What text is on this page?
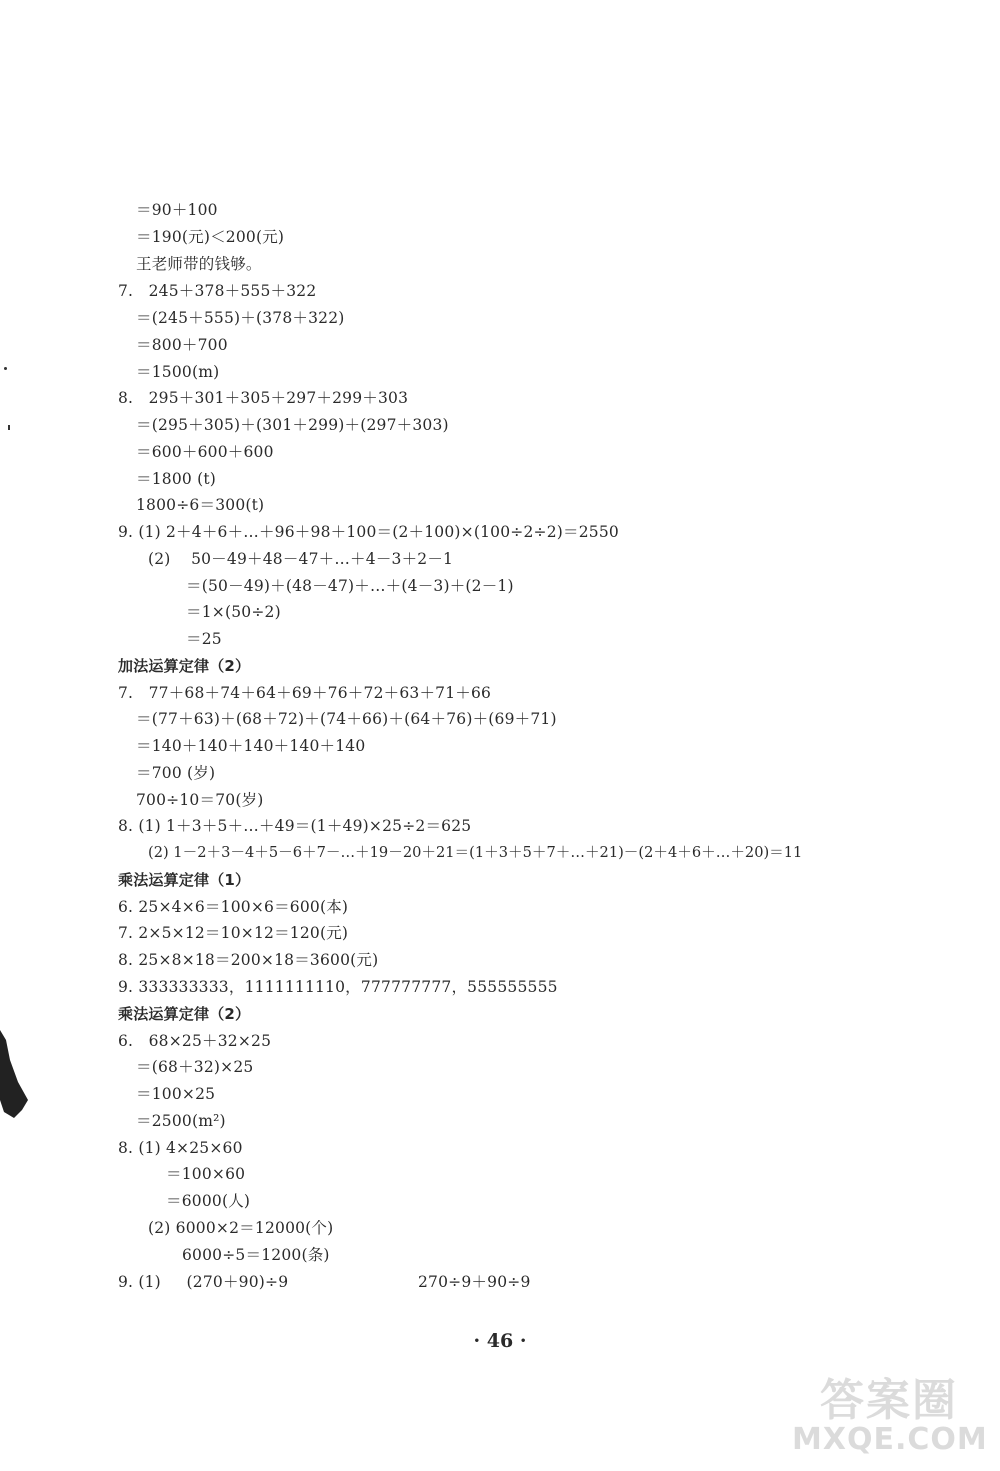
＝90＋100
＝190(元)＜200(元)
王老师带的钱够。
7.   245＋378＋555＋322
＝(245＋555)＋(378＋322)
＝800＋700
＝1500(m)
8.   295＋301＋305＋297＋299＋303
＝(295＋305)＋(301＋299)＋(297＋303)
＝600＋600＋600
＝1800 (t)
1800÷6＝300(t)
9. (1) 2＋4＋6＋…＋96＋98＋100＝(2＋100)×(100÷2÷2)＝2550
(2)    50－49＋48－47＋…＋4－3＋2－1
＝(50－49)＋(48－47)＋…＋(4－3)＋(2－1)
＝1×(50÷2)
＝25
加法运算定律（2）
7.   77＋68＋74＋64＋69＋76＋72＋63＋71＋66
＝(77＋63)＋(68＋72)＋(74＋66)＋(64＋76)＋(69＋71)
＝140＋140＋140＋140＋140
＝700 (岁)
700÷10＝70(岁)
8. (1) 1＋3＋5＋…＋49＝(1＋49)×25÷2＝625
(2) 1－2＋3－4＋5－6＋7－…＋19－20＋21＝(1＋3＋5＋7＋…＋21)－(2＋4＋6＋…＋20)＝11
乘法运算定律（1）
6. 25×4×6＝100×6＝600(本)
7. 2×5×12＝10×12＝120(元)
8. 25×8×18＝200×18＝3600(元)
9. 333333333，1111111110，777777777，555555555
乘法运算定律（2）
6.   68×25＋32×25
＝(68＋32)×25
＝100×25
＝2500(m²)
8. (1) 4×25×60
＝100×60
＝6000(人)
(2) 6000×2＝12000(个)
6000÷5＝1200(条)
9. (1)     (270＋90)÷9	270÷9＋90÷9
· 46 ·
答案圈
MXQE.COM
